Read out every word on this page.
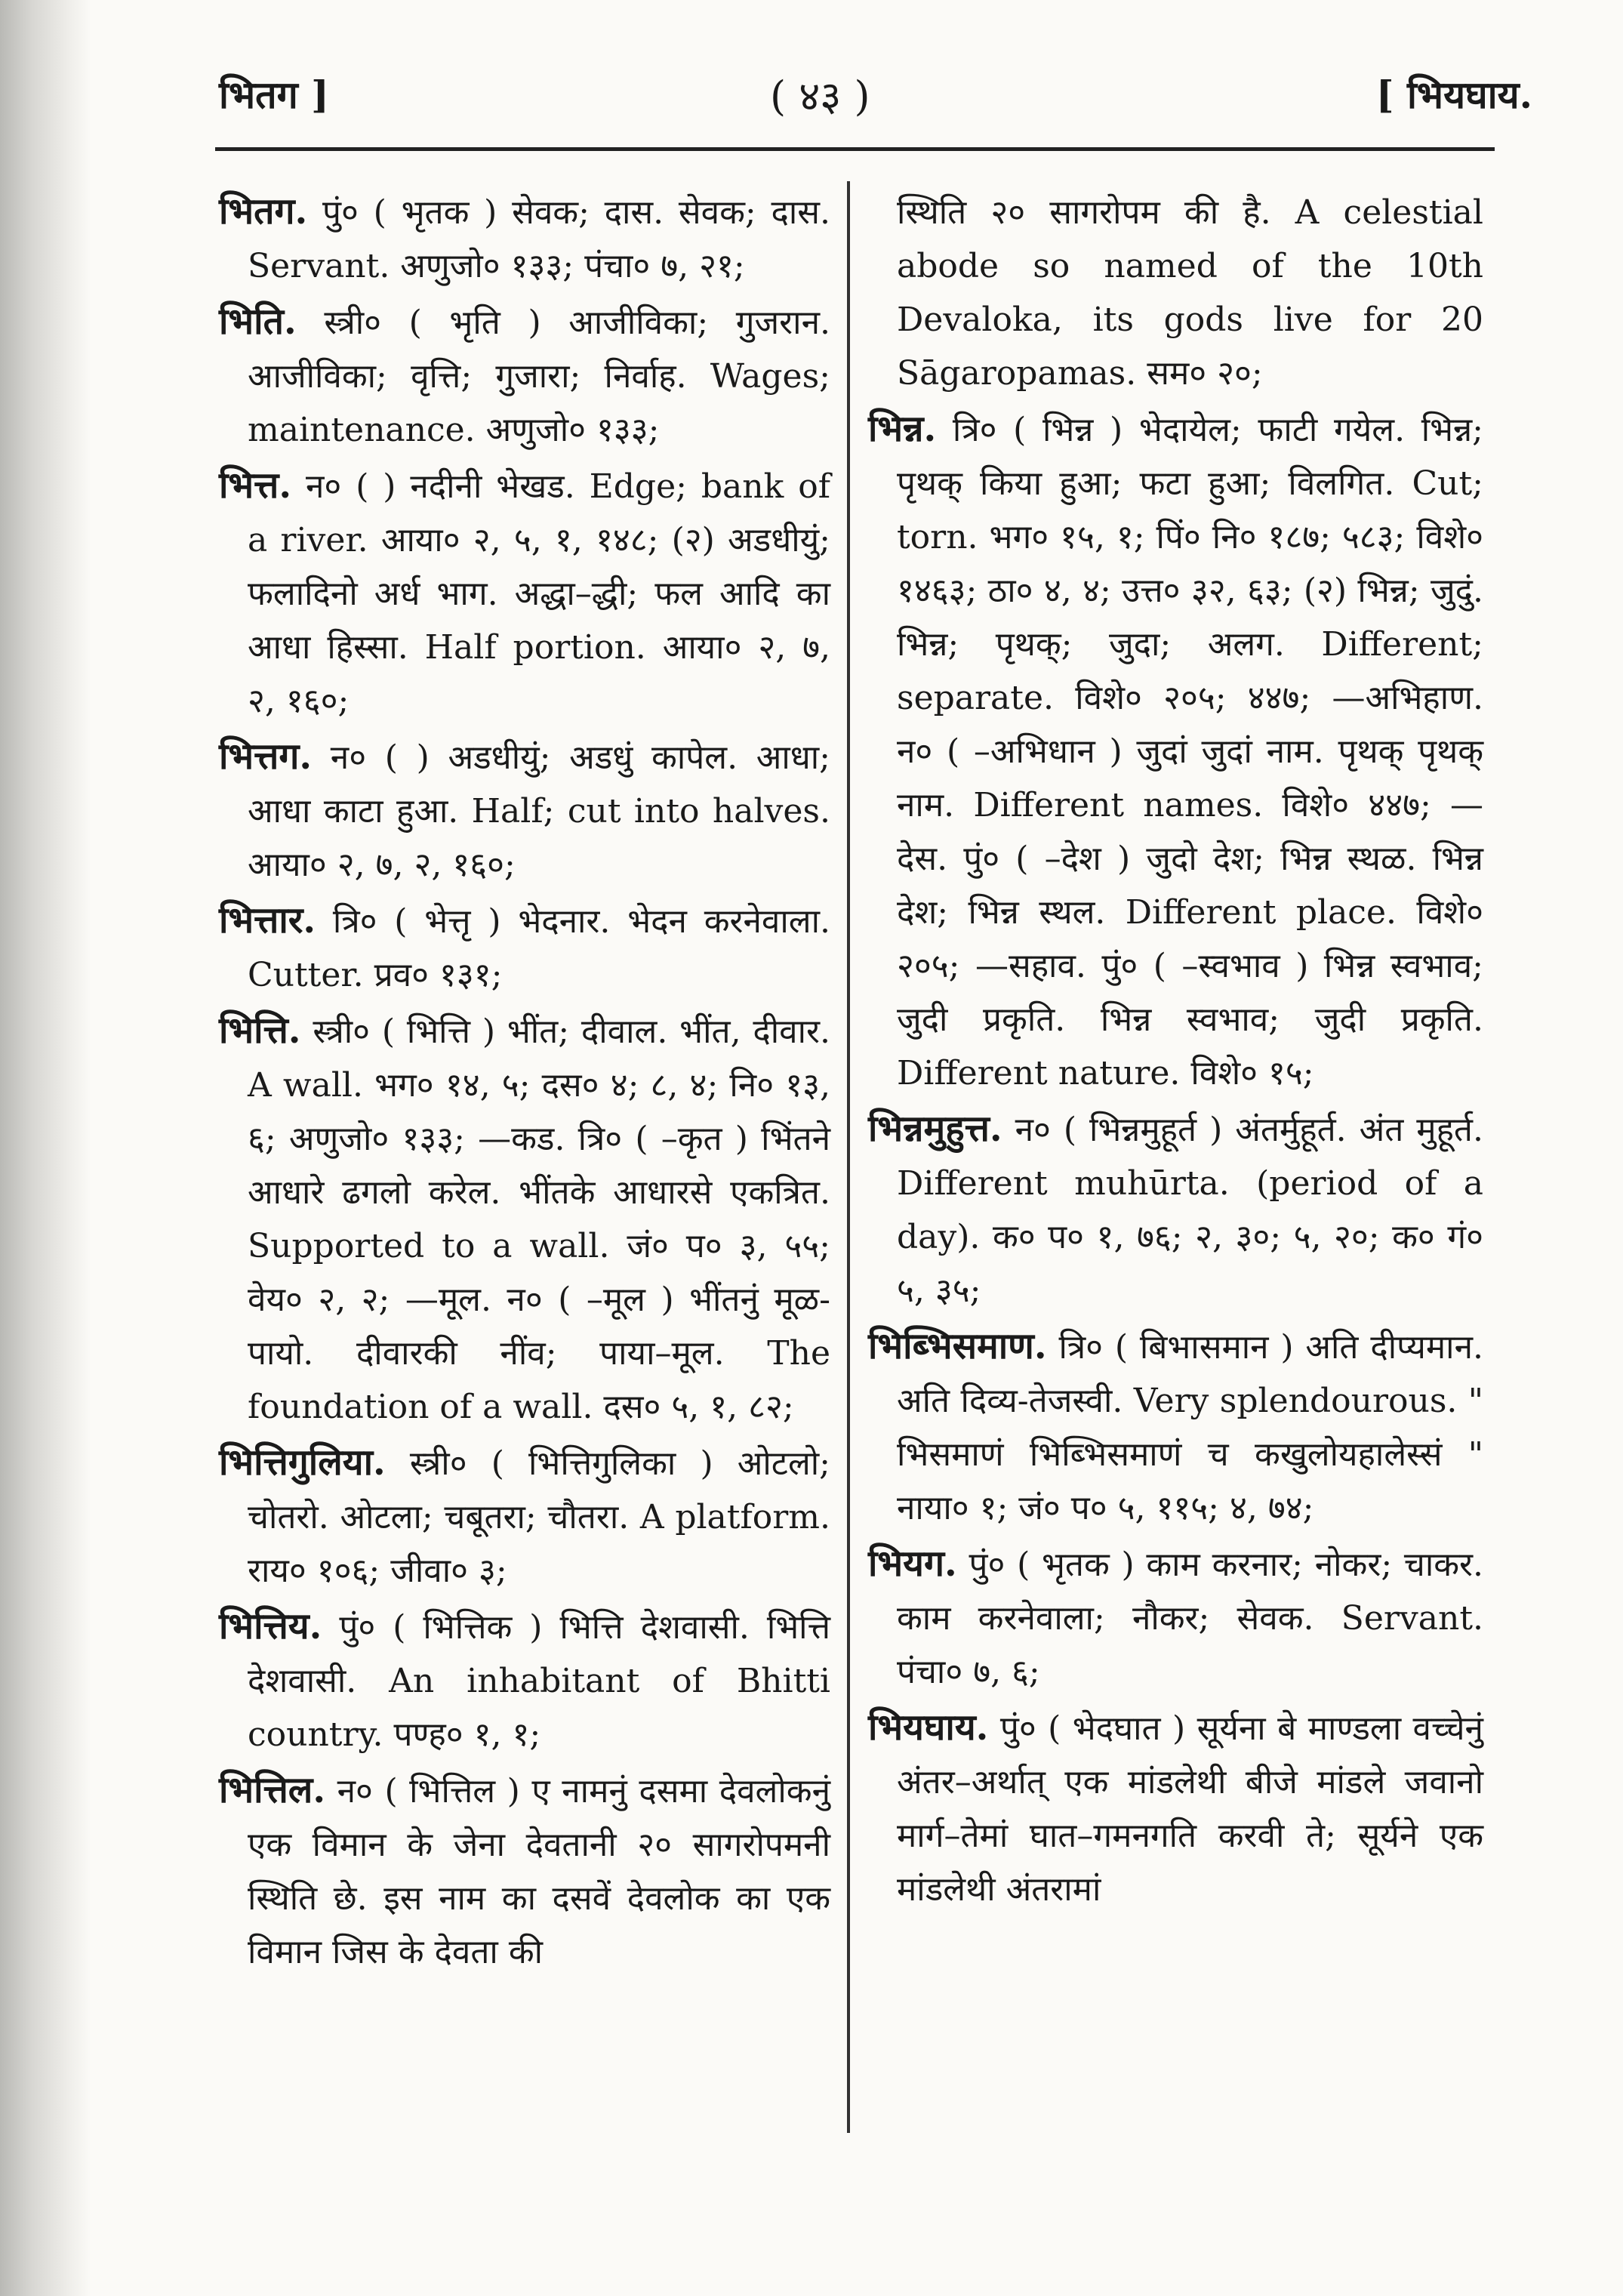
भितग ]	( ४३ )	[ भियघाय.

भितग. पुं० ( भृतक ) सेवक; दास. सेवक; दास. Servant. अणुजो० १३३; पंचा० ७, २१;

भिति. स्त्री० ( भृति ) आजीविका; गुजरान. आजीविका; वृत्ति; गुजारा; निर्वाह. Wages; maintenance. अणुजो० १३३;

भित्त. न० ( ) नदीनी भेखड. Edge; bank of a river. आया० २, ५, १, १४८; (२) अडधीयुं; फलादिनो अर्ध भाग. अद्धा–द्धी; फल आदि का आधा हिस्सा. Half portion. आया० २, ७, २, १६०;

भित्तग. न० ( ) अडधीयुं; अडधुं कापेल. आधा; आधा काटा हुआ. Half; cut into halves. आया० २, ७, २, १६०;

भित्तार. त्रि० ( भेत्तृ ) भेदनार. भेदन करनेवाला. Cutter. प्रव० १३१;

भित्ति. स्त्री० ( भित्ति ) भींत; दीवाल. भींत, दीवार. A wall. भग० १४, ५; दस० ४; ८, ४; नि० १३, ६; अणुजो० १३३; —कड. त्रि० ( –कृत ) भिंतने आधारे ढगलो करेल. भींतके आधारसे एकत्रित. Supported to a wall. जं० प० ३, ५५; वेय० २, २; —मूल. न० ( –मूल ) भींतनुं मूळ-पायो. दीवारकी नींव; पाया–मूल. The foundation of a wall. दस० ५, १, ८२;

भित्तिगुलिया. स्त्री० ( भित्तिगुलिका ) ओटलो; चोतरो. ओटला; चबूतरा; चौतरा. A platform. राय० १०६; जीवा० ३;

भित्तिय. पुं० ( भित्तिक ) भित्ति देशवासी. भित्ति देशवासी. An inhabitant of Bhitti country. पण्ह० १, १;

भित्तिल. न० ( भित्तिल ) ए नामनुं दसमा देवलोकनुं एक विमान के जेना देवतानी २० सागरोपमनी स्थिति छे. इस नाम का दसवें देवलोक का एक विमान जिस के देवता की

स्थिति २० सागरोपम की है. A celestial abode so named of the 10th Devaloka, its gods live for 20 Sāgaropamas. सम० २०;

भिन्न. त्रि० ( भिन्न ) भेदायेल; फाटी गयेल. भिन्न; पृथक् किया हुआ; फटा हुआ; विलगित. Cut; torn. भग० १५, १; पिं० नि० १८७; ५८३; विशे० १४६३; ठा० ४, ४; उत्त० ३२, ६३; (२) भिन्न; जुदुं. भिन्न; पृथक्; जुदा; अलग. Different; separate. विशे० २०५; ४४७; —अभिहाण. न० ( –अभिधान ) जुदां जुदां नाम. पृथक् पृथक् नाम. Different names. विशे० ४४७; —देस. पुं० ( –देश ) जुदो देश; भिन्न स्थळ. भिन्न देश; भिन्न स्थल. Different place. विशे० २०५; —सहाव. पुं० ( –स्वभाव ) भिन्न स्वभाव; जुदी प्रकृति. भिन्न स्वभाव; जुदी प्रकृति. Different nature. विशे० १५;

भिन्नमुहुत्त. न० ( भिन्नमुहूर्त ) अंतर्मुहूर्त. अंत मुहूर्त. Different muhūrta. (period of a day). क० प० १, ७६; २, ३०; ५, २०; क० गं० ५, ३५;

भिब्भिसमाण. त्रि० ( बिभासमान ) अति दीप्यमान. अति दिव्य-तेजस्वी. Very splendourous. " भिसमाणं भिब्भिसमाणं च कखुलोयहालेस्सं " नाया० १; जं० प० ५, ११५; ४, ७४;

भियग. पुं० ( भृतक ) काम करनार; नोकर; चाकर. काम करनेवाला; नौकर; सेवक. Servant. पंचा० ७, ६;

भियघाय. पुं० ( भेदघात ) सूर्यना बे माण्डला वच्चेनुं अंतर–अर्थात् एक मांडलेथी बीजे मांडले जवानो मार्ग–तेमां घात–गमनगति करवी ते; सूर्यने एक मांडलेथी अंतरामां
